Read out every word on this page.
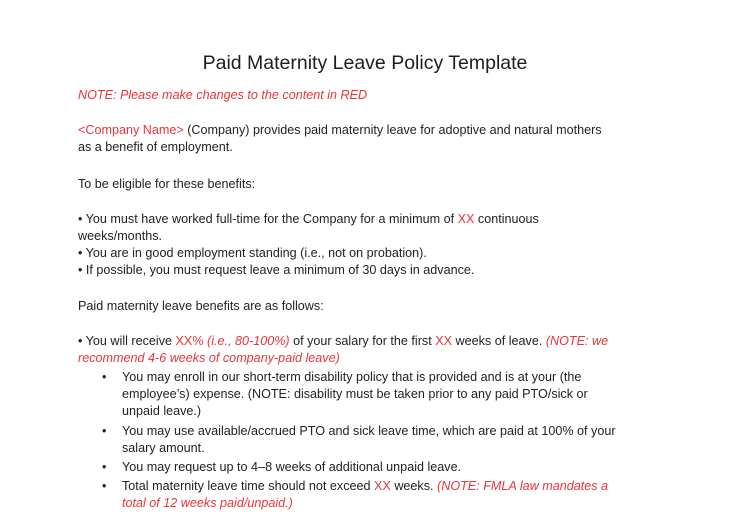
Paid Maternity Leave Policy Template
NOTE: Please make changes to the content in RED
<Company Name> (Company) provides paid maternity leave for adoptive and natural mothers
as a benefit of employment.
To be eligible for these benefits:
• You must have worked full-time for the Company for a minimum of XX continuous
weeks/months.
• You are in good employment standing (i.e., not on probation).
• If possible, you must request leave a minimum of 30 days in advance.
Paid maternity leave benefits are as follows:
• You will receive XX% (i.e., 80-100%) of your salary for the first XX weeks of leave. (NOTE: we
recommend 4-6 weeks of company-paid leave)
• You may enroll in our short-term disability policy that is provided and is at your (the
employee’s) expense. (NOTE: disability must be taken prior to any paid PTO/sick or
unpaid leave.)
• You may use available/accrued PTO and sick leave time, which are paid at 100% of your
salary amount.
• You may request up to 4–8 weeks of additional unpaid leave.
• Total maternity leave time should not exceed XX weeks. (NOTE: FMLA law mandates a
total of 12 weeks paid/unpaid.)
